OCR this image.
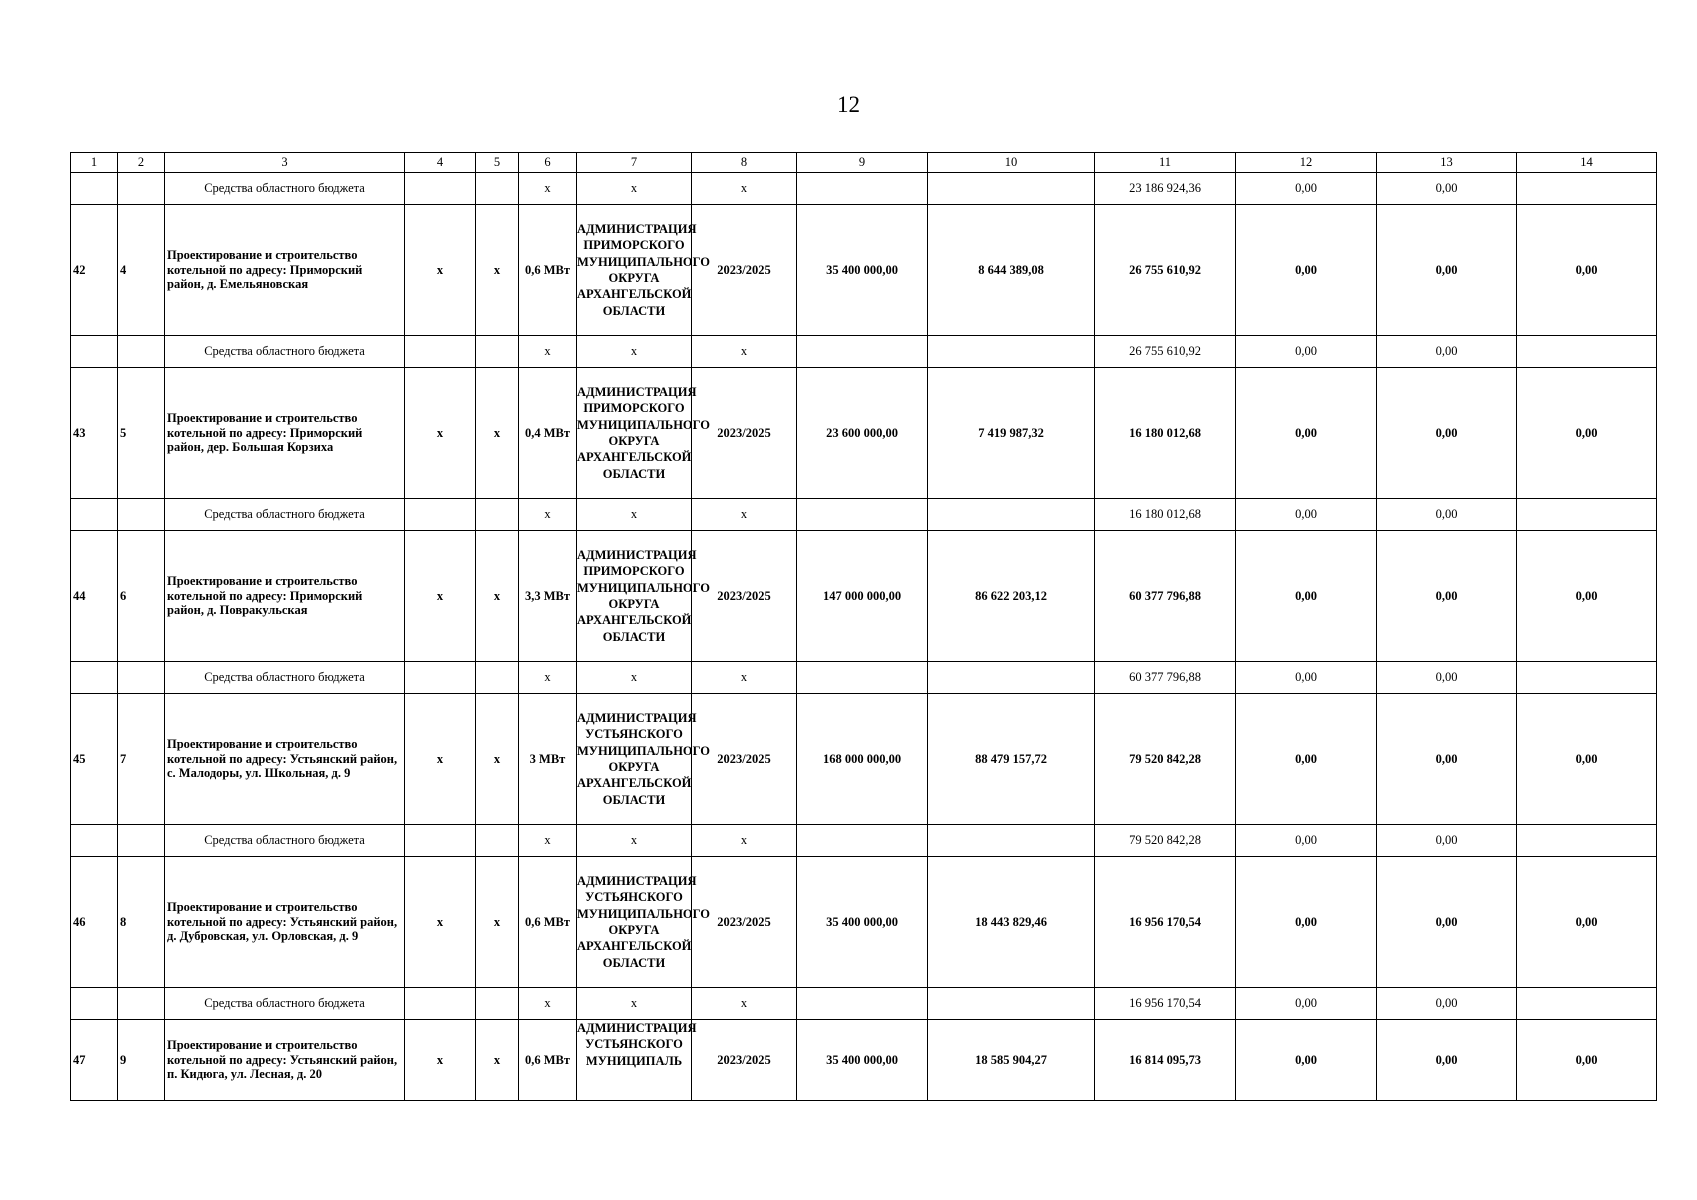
12
1	2	3	4	5	6	7	8	9	10	11	12	13	14
		Средства областного бюджета			х	х	х			23 186 924,36	0,00	0,00	
42	4	Проектирование и строительство котельной по адресу: Приморский район, д. Емельяновская	х	х	0,6 МВт	АДМИНИСТРАЦИЯ ПРИМОРСКОГО МУНИЦИПАЛЬНОГО ОКРУГА АРХАНГЕЛЬСКОЙ ОБЛАСТИ	2023/2025	35 400 000,00	8 644 389,08	26 755 610,92	0,00	0,00	0,00
		Средства областного бюджета			х	х	х			26 755 610,92	0,00	0,00	
43	5	Проектирование и строительство котельной по адресу: Приморский район, дер. Большая Корзиха	х	х	0,4 МВт	АДМИНИСТРАЦИЯ ПРИМОРСКОГО МУНИЦИПАЛЬНОГО ОКРУГА АРХАНГЕЛЬСКОЙ ОБЛАСТИ	2023/2025	23 600 000,00	7 419 987,32	16 180 012,68	0,00	0,00	0,00
		Средства областного бюджета			х	х	х			16 180 012,68	0,00	0,00	
44	6	Проектирование и строительство котельной по адресу: Приморский район, д. Повракульская	х	х	3,3 МВт	АДМИНИСТРАЦИЯ ПРИМОРСКОГО МУНИЦИПАЛЬНОГО ОКРУГА АРХАНГЕЛЬСКОЙ ОБЛАСТИ	2023/2025	147 000 000,00	86 622 203,12	60 377 796,88	0,00	0,00	0,00
		Средства областного бюджета			х	х	х			60 377 796,88	0,00	0,00	
45	7	Проектирование и строительство котельной по адресу: Устьянский район, с. Малодоры, ул. Школьная, д. 9	х	х	3 МВт	АДМИНИСТРАЦИЯ УСТЬЯНСКОГО МУНИЦИПАЛЬНОГО ОКРУГА АРХАНГЕЛЬСКОЙ ОБЛАСТИ	2023/2025	168 000 000,00	88 479 157,72	79 520 842,28	0,00	0,00	0,00
		Средства областного бюджета			х	х	х			79 520 842,28	0,00	0,00	
46	8	Проектирование и строительство котельной по адресу: Устьянский район, д. Дубровская, ул. Орловская, д. 9	х	х	0,6 МВт	АДМИНИСТРАЦИЯ УСТЬЯНСКОГО МУНИЦИПАЛЬНОГО ОКРУГА АРХАНГЕЛЬСКОЙ ОБЛАСТИ	2023/2025	35 400 000,00	18 443 829,46	16 956 170,54	0,00	0,00	0,00
		Средства областного бюджета			х	х	х			16 956 170,54	0,00	0,00	
47	9	Проектирование и строительство котельной по адресу: Устьянский район, п. Кидюга, ул. Лесная, д. 20	х	х	0,6 МВт	АДМИНИСТРАЦИЯ УСТЬЯНСКОГО МУНИЦИПАЛЬ	2023/2025	35 400 000,00	18 585 904,27	16 814 095,73	0,00	0,00	0,00
